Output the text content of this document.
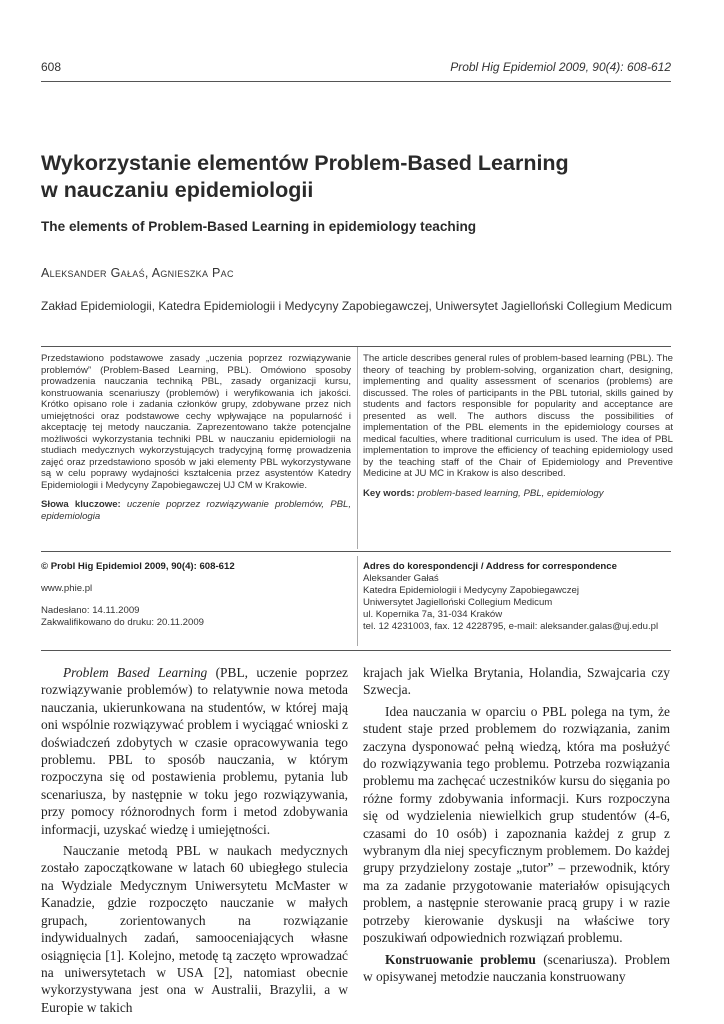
608	Probl Hig Epidemiol 2009, 90(4): 608-612
Wykorzystanie elementów Problem-Based Learning
w nauczaniu epidemiologii
The elements of Problem-Based Learning in epidemiology teaching
Aleksander Gałaś, Agnieszka Pac
Zakład Epidemiologii, Katedra Epidemiologii i Medycyny Zapobiegawczej, Uniwersytet Jagielloński Collegium Medicum
Przedstawiono podstawowe zasady „uczenia poprzez rozwiązywanie problemów” (Problem-Based Learning, PBL). Omówiono sposoby prowadzenia nauczania techniką PBL, zasady organizacji kursu, konstruowania scenariuszy (problemów) i weryfikowania ich jakości. Krótko opisano role i zadania członków grupy, zdobywane przez nich umiejętności oraz podstawowe cechy wpływające na popularność i akceptację tej metody nauczania. Zaprezentowano także potencjalne możliwości wykorzystania techniki PBL w nauczaniu epidemiologii na studiach medycznych wykorzystujących tradycyjną formę prowadzenia zajęć oraz przedstawiono sposób w jaki elementy PBL wykorzystywane są w celu poprawy wydajności kształcenia przez asystentów Katedry Epidemiologii i Medycyny Zapobiegawczej UJ CM w Krakowie.
Słowa kluczowe: uczenie poprzez rozwiązywanie problemów, PBL, epidemiologia
The article describes general rules of problem-based learning (PBL). The theory of teaching by problem-solving, organization chart, designing, implementing and quality assessment of scenarios (problems) are discussed. The roles of participants in the PBL tutorial, skills gained by students and factors responsible for popularity and acceptance are presented as well. The authors discuss the possibilities of implementation of the PBL elements in the epidemiology courses at medical faculties, where traditional curriculum is used. The idea of PBL implementation to improve the efficiency of teaching epidemiology used by the teaching staff of the Chair of Epidemiology and Preventive Medicine at JU MC in Krakow is also described.
Key words: problem-based learning, PBL, epidemiology
© Probl Hig Epidemiol 2009, 90(4): 608-612
www.phie.pl
Nadesłano: 14.11.2009
Zakwalifikowano do druku: 20.11.2009
Adres do korespondencji / Address for correspondence
Aleksander Gałaś
Katedra Epidemiologii i Medycyny Zapobiegawczej
Uniwersytet Jagielloński Collegium Medicum
ul. Kopernika 7a, 31-034 Kraków
tel. 12 4231003, fax. 12 4228795, e-mail: aleksander.galas@uj.edu.pl

Problem Based Learning (PBL, uczenie poprzez rozwiązywanie problemów) to relatywnie nowa metoda nauczania, ukierunkowana na studentów, w której mają oni wspólnie rozwiązywać problem i wyciągać wnioski z doświadczeń zdobytych w czasie opracowywania tego problemu. PBL to sposób nauczania, w którym rozpoczyna się od postawienia problemu, pytania lub scenariusza, by następnie w toku jego rozwiązywania, przy pomocy różnorodnych form i metod zdobywania informacji, uzyskać wiedzę i umiejętności.

Nauczanie metodą PBL w naukach medycznych zostało zapoczątkowane w latach 60 ubiegłego stulecia na Wydziale Medycznym Uniwersytetu McMaster w Kanadzie, gdzie rozpoczęto nauczanie w małych grupach, zorientowanych na rozwiązanie indywidualnych zadań, samooceniających własne osiągnięcia [1]. Kolejno, metodę tą zaczęto wprowadzać na uniwersytetach w USA [2], natomiast obecnie wykorzystywana jest ona w Australii, Brazylii, a w Europie w takich

krajach jak Wielka Brytania, Holandia, Szwajcaria czy Szwecja.

Idea nauczania w oparciu o PBL polega na tym, że student staje przed problemem do rozwiązania, zanim zaczyna dysponować pełną wiedzą, która ma posłużyć do rozwiązywania tego problemu. Potrzeba rozwiązania problemu ma zachęcać uczestników kursu do sięgania po różne formy zdobywania informacji. Kurs rozpoczyna się od wydzielenia niewielkich grup studentów (4-6, czasami do 10 osób) i zapoznania każdej z grup z wybranym dla niej specyficznym problemem. Do każdej grupy przydzielony zostaje „tutor” – przewodnik, który ma za zadanie przygotowanie materiałów opisujących problem, a następnie sterowanie pracą grupy i w razie potrzeby kierowanie dyskusji na właściwe tory poszukiwań odpowiednich rozwiązań problemu.

Konstruowanie problemu (scenariusza). Problem w opisywanej metodzie nauczania konstruowany
